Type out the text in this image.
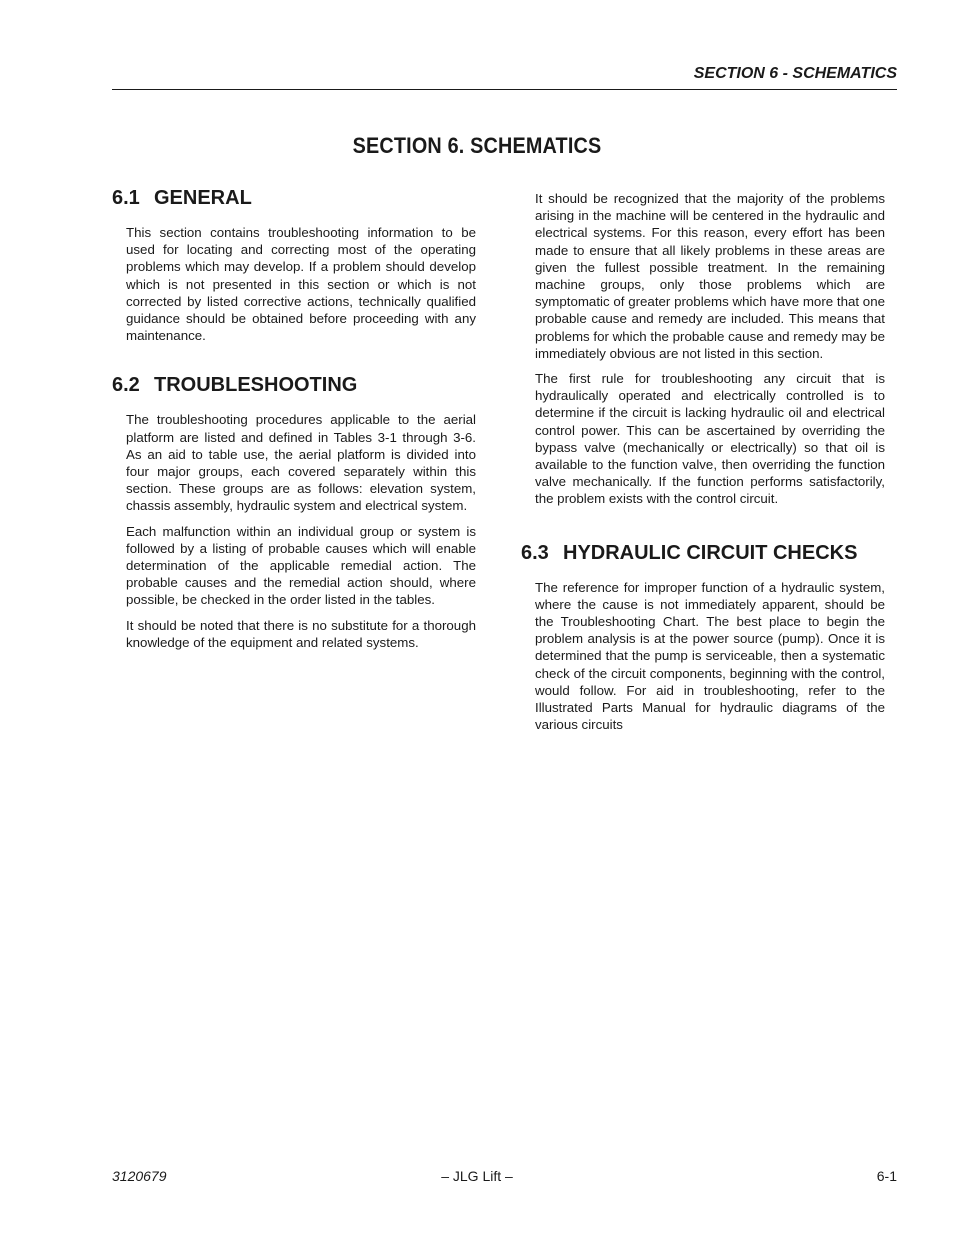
SECTION 6 - SCHEMATICS
SECTION 6. SCHEMATICS
6.1 GENERAL

This section contains troubleshooting information to be used for locating and correcting most of the operating problems which may develop. If a problem should develop which is not presented in this section or which is not corrected by listed corrective actions, technically qualified guidance should be obtained before proceeding with any maintenance.

6.2 TROUBLESHOOTING

The troubleshooting procedures applicable to the aerial platform are listed and defined in Tables 3-1 through 3-6. As an aid to table use, the aerial platform is divided into four major groups, each covered separately within this section. These groups are as follows: elevation system, chassis assembly, hydraulic system and electrical system.

Each malfunction within an individual group or system is followed by a listing of probable causes which will enable determination of the applicable remedial action. The probable causes and the remedial action should, where possible, be checked in the order listed in the tables.

It should be noted that there is no substitute for a thorough knowledge of the equipment and related systems.

It should be recognized that the majority of the problems arising in the machine will be centered in the hydraulic and electrical systems. For this reason, every effort has been made to ensure that all likely problems in these areas are given the fullest possible treatment. In the remaining machine groups, only those problems which are symptomatic of greater problems which have more that one probable cause and remedy are included. This means that problems for which the probable cause and remedy may be immediately obvious are not listed in this section.

The first rule for troubleshooting any circuit that is hydraulically operated and electrically controlled is to determine if the circuit is lacking hydraulic oil and electrical control power. This can be ascertained by overriding the bypass valve (mechanically or electrically) so that oil is available to the function valve, then overriding the function valve mechanically. If the function performs satisfactorily, the problem exists with the control circuit.

6.3 HYDRAULIC CIRCUIT CHECKS

The reference for improper function of a hydraulic system, where the cause is not immediately apparent, should be the Troubleshooting Chart. The best place to begin the problem analysis is at the power source (pump). Once it is determined that the pump is serviceable, then a systematic check of the circuit components, beginning with the control, would follow. For aid in troubleshooting, refer to the Illustrated Parts Manual for hydraulic diagrams of the various circuits

3120679	– JLG Lift –	6-1
